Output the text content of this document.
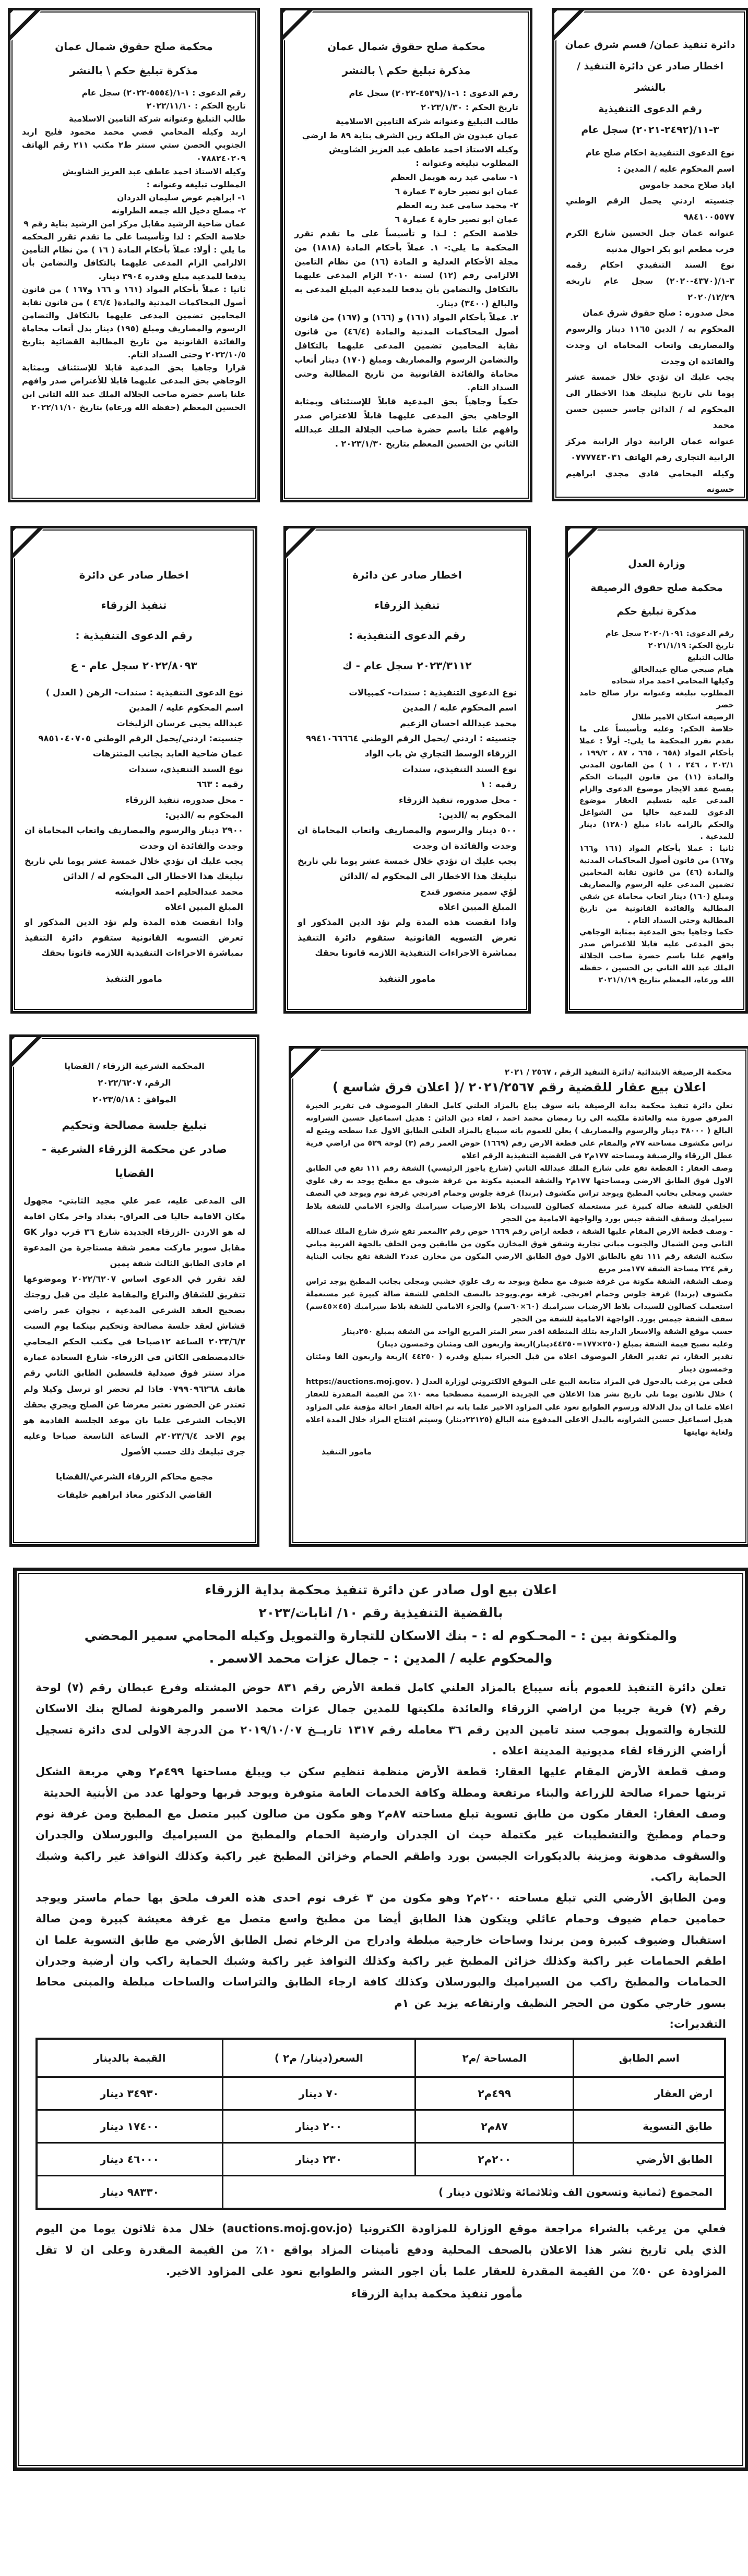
دائرة تنفيذ عمان/ قسم شرق عمان
اخطار صادر عن دائرة التنفيذ / بالنشر
رقم الدعوى التنفيذية ٣-١١/(٢٤٩٢-٢٠٢١) سجل عام
نوع الدعوى التنفيذية احكام صلح عام
اسم المحكوم عليه / المدين :
اياد صلاح محمد جاموس
جنسيته اردني يحمل الرقم الوطني ٩٨٤١٠٠٥٥٧٧
عنوانه عمان جبل الحسين شارع الكرم قرب مطعم ابو بكر احوال مدنية
نوع السند التنفيذي احكام رقمه ٣-١/(٤٣٧٠-٢٠٢٠) سجل عام تاريخه ٢٠٢٠/١٢/٢٩
محل صدوره : صلح حقوق شرق عمان
المحكوم به / الدين ١١٦٥ دينار والرسوم والمصاريف واتعاب المحاماة ان وجدت والفائدة ان وجدت
يجب عليك ان تؤدي خلال خمسة عشر يوما تلي تاريخ تبليغك هذا الاخطار الى المحكوم له / الدائن جاسر حسين حسن محمد
عنوانه عمان الرابية دوار الرابية مركز الرابية التجاري رقم الهاتف ٠٧٧٧٧٤٣٠٣١
وكيله المحامي فادي مجدي ابراهيم حسونه
محكمة صلح حقوق شمال عمان
مذكرة تبليغ حكم \ بالنشر
رقم الدعوى : ١-١/(٤٥٣٩-٢٠٢٢) سجل عام
تاريخ الحكم : ٢٠٢٣/١/٣٠
طالب التبليغ وعنوانه شركة التامين الاسلامية
عمان عبدون ش الملكة زين الشرف بناية ٨٩ ط ارضي
وكيله الاستاذ احمد عاطف عبد العزيز الشاويش
المطلوب تبليغه وعنوانه :
١- سامي عبد ربه هويمل العظم
عمان ابو نصير حارة ٣ عمارة ٦
٢- محمد سامي عبد ربه العظم
عمان ابو نصير حارة ٤ عمارة ٦
خلاصة الحكم : لـذا و تأسيساً على ما تقدم تقرر المحكمة ما يلي:- ١. عملاً بأحكام المادة (١٨١٨) من مجلة الأحكام العدلية و المادة (١٦) من نظام التامين الالزامي رقم (١٢) لسنة ٢٠١٠ الزام المدعى عليهما بالتكافل والتضامن بأن يدفعا للمدعية المبلغ المدعى به والبالغ (٣٤٠٠) دينار.
٢. عملاً بأحكام المواد (١٦١) و (١٦٦) و (١٦٧) من قانون أصول المحاكمات المدنية والمادة (٤٦/٤) من قانون نقابة المحامين تضمين المدعى عليهما بالتكافل والتضامن الرسوم والمصاريف ومبلغ (١٧٠) دينار أتعاب محاماة والفائدة القانونية من تاريخ المطالبة وحتى السداد التام.
حكماً وجاهياً بحق المدعية قابلاً للإستئناف وبمثابة الوجاهي بحق المدعى عليهما قابلاً للاعتراض صدر وافهم علنا باسم حضرة صاحب الجلالة الملك عبدالله الثاني بن الحسين المعظم بتاريخ ٢٠٢٣/١/٣٠ .
محكمة صلح حقوق شمال عمان
مذكرة تبليغ حكم \ بالنشر
رقم الدعوى : ١-١/(٥٥٥٤-٢٠٢٢) سجل عام
تاريخ الحكم : ٢٠٢٢/١١/١٠
طالب التبليغ وعنوانه شركة التامين الاسلامية
اربد وكيله المحامي قصي محمد محمود فليح اربد الجنوبي الحصن ستي سنتر ط٢ مكتب ٢١١ رقم الهاتف ٠٧٨٨٢٤٠٢٠٩
وكيله الاستاذ احمد عاطف عبد العزيز الشاويش
المطلوب تبليغه وعنوانه :
١- ابراهيم عوض سليمان الدردان
٢- مصلح دخيل الله جمعه الطراونه
عمان ضاحية الرشيد مقابل مركز امن الرشيد بناية رقم ٩
خلاصة الحكم : لذا وتأسيسا على ما تقدم تقرر المحكمه ما يلي : أولا: عملاً بأحكام المادة ( ١٦ ) من نظام التأمين الالزامي الزام المدعى عليهما بالتكافل والتضامن بأن يدفعا للمدعية مبلغ وقدره ٣٩٠٤ دينار.
ثانيا : عملاً بأحكام المواد (١٦١ و ١٦٦ و١٦٧ ) من قانون أصول المحاكمات المدنية والمادة( ٤٦/٤ ) من قانون نقابة المحامين تضمين المدعى عليهما بالتكافل والتضامن الرسوم والمصاريف ومبلغ (١٩٥) دينار بدل أتعاب محاماة والفائدة القانونية من تاريخ المطالبة القضائية بتاريخ ٢٠٢٢/١٠/٥ وحتى السداد التام.
قرارا وجاهيا بحق المدعية قابلا للإستئناف وبمثابة الوجاهي بحق المدعى عليهما قابلا للأعتراض صدر وافهم علنا باسم حضرة صاحب الجلالة الملك عبد الله الثاني ابن الحسين المعظم (حفظه الله ورعاه) بتاريخ ٢٠٢٢/١١/١٠
وزارة العدل
محكمة صلح حقوق الرصيفة
مذكرة تبليغ حكم
رقم الدعوى: ٢٠٢٠/١٠٩١ سجل عام
تاريخ الحكم: ٢٠٢١/١/١٩
طالب التبليغ
هيام صبحي صالح عبدالخالق
وكيلها المحامي احمد مراد شحاده
المطلوب تبليغه وعنوانه نزار صالح حامد خضر
الرصيفة اسكان الامير طلال
خلاصة الحكم: وعليه وتأسيساً على ما تقدم تقرر المحكمة ما يلي:- أولاً : عملا بأحكام المواد (٦٥٨ ، ٦٦٥ ، ٨٧ ، ١٩٩/٢ ، ٢٠٢/١ ، ٢٤٦ ، ١ ) من القانون المدني والمادة (١١) من قانون البينات الحكم بفسخ عقد الايجار موضوع الدعوى والزام المدعى عليه بتسليم العقار موضوع الدعوى للمدعية خاليا من الشواغل والحكم بالزامه باداء مبلغ (١٢٨٠) دينار للمدعية .
ثانيا : عملا بأحكام المواد (١٦١ و١٦٦ و١٦٧) من قانون أصول المحاكمات المدنية والمادة (٤٦) من قانون نقابة المحامين تضمين المدعى عليه الرسوم والمصاريف ومبلغ (١٦٠) دينار اتعاب محاماة عن شقي المطالبة والفائدة القانونية من تاريخ المطالبة وحتى السداد التام .
حكما وجاهيا بحق المدعية بمثابة الوجاهي بحق المدعى عليه قابلا للاعتراض صدر وافهم علنا باسم حضرة صاحب الجلالة الملك عبد الله الثاني بن الحسين ، حفظه الله ورعاه، المعظم بتاريخ ٢٠٢١/١/١٩
اخطار صادر عن دائرة
تنفيذ الزرقاء
رقم الدعوى التنفيذية :
٢٠٢٣/٣١١٢ سجل عام - ك
نوع الدعوى التنفيذية : سندات- كمبيالات
اسم المحكوم عليه / المدين
محمد عبدالله احسان الزعيم
جنسيته : اردني /يحمل الرقم الوطني ٩٩٤١٠٦٦٦٦٤
الزرقاء الوسط التجاري ش باب الواد
نوع السند التنفيذي، سندات
رقمه : ١
- محل صدوره، تنفيذ الزرقاء
المحكوم به /الدين:
٥٠٠ دينار والرسوم والمصاريف واتعاب المحاماة ان وجدت والفائدة ان وجدت
يجب عليك ان تؤدي خلال خمسة عشر يوما تلي تاريخ تبليغك هذا الاخطار الى المحكوم له /الدائن
لؤي سمير منصور قندح
المبلغ المبين اعلاه
واذا انقضت هذه المدة ولم تؤد الدين المذكور او تعرض التسويه القانونية ستقوم دائرة التنفيذ بمباشرة الاجراءات التنفيذية اللازمه قانونا بحقك
مامور التنفيذ
اخطار صادر عن دائرة
تنفيذ الزرقاء
رقم الدعوى التنفيذية :
٢٠٢٢/٨٠٩٣ سجل عام - ع
نوع الدعوى التنفيذية : سندات- الرهن ( العدل )
اسم المحكوم عليه / المدين
عبدالله يحيى عرسان الزليخات
جنسيته: اردني/يحمل الرقم الوطني ٩٨٥١٠٤٠٧٠٥
عمان ضاحية العابد بجانب المتنزهات
نوع السند التنفيذي، سندات
رقمه : ٦٦٣
- محل صدوره، تنفيذ الزرقاء
المحكوم به /الدين:
٢٩٠٠ دينار والرسوم والمصاريف واتعاب المحاماة ان وجدت والفائدة ان وجدت
يجب عليك ان تؤدي خلال خمسة عشر يوما تلي تاريخ تبليغك هذا الاخطار الى المحكوم له / الدائن
محمد عبدالحليم احمد العوايشه
المبلغ المبين اعلاه
واذا انقضت هذه المدة ولم تؤد الدين المذكور او تعرض التسويه القانونية ستقوم دائرة التنفيذ بمباشرة الاجراءات التنفيذية اللازمه قانونا بحقك
مامور التنفيذ
محكمة الرصيفة الابتدائية /دائرة التنفيذ الرقم ، ٢٥٦٧ / ٢٠٢١
اعلان بيع عقار للقضية رقم ٢٠٢١/٢٥٦٧ /( اعلان فرق شاسع )
تعلن دائرة تنفيذ محكمة بداية الرصيفة بانه سوف يباع بالمزاد العلني كامل العقار الموصوف في تقرير الخبرة المرفق صورة منه والعائدة ملكيته الى رنا رمضان محمد احمد ، لقاء دين الدائن : هديل اسماعيل حسين الشراونه البالغ ( ٣٨٠٠٠ دينار والرسوم والمصاريف ) يعلن للعموم بانه سيباع بالمزاد العلني الطابق الاول عدا سطحه ويتبع له تراس مكشوف مساحته ٧٧م والمقام على قطعة الارض رقم (١٦٦٩) حوض العمر رقم (٣) لوحة ٥٢٩ من اراضي قرية عطل الزرقاء والرصيفة ومساحته ١٧٧م٢ في القضية التنفيذية الرقم اعلاه
وصف العقار : القطعة تقع على شارع الملك عبدالله الثاني (شارع ياجوز الرئيسي) الشقة رقم ١١١ تقع في الطابق الاول فوق الطابق الارضي ومساحتها ١٧٧م٢ والشقة المعنية مكونة من غرفة ضيوف مع مطبخ يوجد به رف علوي خشبي ومجلى بجانب المطبخ ويوجد تراس مكشوف (برندا) غرفة جلوس وحمام افرنجي غرفة نوم ويوجد في النصف الخلفي للشقة صالة كبيرة غير مستعملة كصالون للسيدات بلاط الارضيات سيراميك والجزء الامامي للشقة بلاط سيراميك وسقف الشقة جبس بورد والواجهة الامامية من الحجر
- وصف قطعة الارض المقام عليها الشقة ، قطعة اراض رقم ١٦٦٩ حوض رقم ٢المعمر تقع شرق شارع الملك عبدالله الثاني ومن الشمال والجنوب مباني تجارية وشقق فوق المخازن مكون من طابقين ومن الخلف بالجهة الغربية مباني سكنية الشقة رقم ١١١ تقع بالطابق الاول فوق الطابق الارضي المكون من مخازن عدد٢ الشقة تقع بجانب البناية رقم ٢٢٤ مساحة الشقة ١٧٧متر مربع
وصف الشقة، الشقة مكونة من غرفة ضيوف مع مطبخ ويوجد به رف علوي خشبي ومجلى بجانب المطبخ يوجد تراس مكشوف (برندا) غرفة جلوس وحمام افرنجي. غرفة نوم.ويوجد بالنصف الخلفي للشقة صالة كبيرة غير مستعملة استعملت كصالون للسيدات بلاط الارضيات سيراميك (٦٠×٦٠سم) والجزء الامامي للشقة بلاط سيراميك (٤٥×٤٥سم) سقف الشقة جيمس بورد. الواجهة الامامية للشقة من الحجر
حسب موقع الشقة والاسعار الدارجة بتلك المنطقة اقدر سعر المتر المربع الواحد من الشقة بمبلغ ٢٥٠دينار
وعليه تصبح قيمة الشقة بمبلغ (٢٥٠×١٧٧=٤٤٢٥٠دينار)اربعة واربعون الف ومئتان وخمسون دينار)
تقدير العقار، تم تقدير العقار الموصوف اعلاه من قبل الخبراء بمبلغ وقدره ( ٤٤٢٥٠ )اربعة واربعون الفا ومئتان وخمسون دينار
فعلى من يرغب بالدخول في المزاد متابعة البيع على الموقع الالكتروني لوزارة العدل ( .https://auctions.moj.gov ) خلال ثلاثون يوما تلي تاريخ نشر هذا الاعلان في الجريدة الرسمية مصطحبا معه ١٠٪ من القيمة المقدرة للعقار اعلاه علما ان بدل الدلالة ورسوم الطوابع تعود على المزاود الاخير علما بانه تم احالة العقار احالة مؤقتة على المزاود هديل اسماعيل حسين الشراونه بالبدل الاعلى المدفوع منه البالغ (٢٢١٢٥دينار) وسيتم افتتاح المزاد خلال المدة اعلاه ولغاية نهايتها
مامور التنفيذ
المحكمة الشرعية الزرقاء / القضايا
الرقم، ٢٠٢٢/٦٢٠٧
الموافق : ٢٠٢٣/٥/١٨
تبليغ جلسة مصالحة وتحكيم
صادر عن محكمة الزرقاء الشرعية -
القضايا
الى المدعى عليه، عمر علي مجيد الثابتي- مجهول مكان الاقامة حاليا في العراق- بغداد واخر مكان اقامة له هو الاردن -الزرقاء الجديدة شارع ٣٦ قرب دوار GK مقابل سوبر ماركت معمر شقة مستاجرة من المدعوة ام فادي الطابق الثالث شقة يمين
لقد تقرر في الدعوى اساس ٢٠٢٢/٦٢٠٧ وموضوعها تتفريق للشقاق والنزاع والمقامة عليك من قبل زوجتك بصحيح العقد الشرعي المدعية ، نجوان عمر راضي قشاش لعقد جلسة مصالحة وتحكيم بينكما يوم السبت ٢٠٢٣/٦/٣ الساعة ١٢صباحا في مكتب الحكم المحامي خالدمصطفى الكائن في الزرقاء- شارع السعادة عمارة مراد سنتر فوق صيدلية فلسطين الطابق الثاني رقم هاتف ٠٧٩٩٠٩٦٢٦٨ فاذا لم تحضر او ترسل وكيلا ولم تعتذر عن الحضور تعتبر معرضا عن الصلح ويجري بحقك الايجاب الشرعي علما بان موعد الجلسة القادمة هو يوم الاحد ٢٠٢٣/٦/٤م الساعة التاسعة صباحا وعليه جرى تبليغك ذلك حسب الأصول
مجمع محاكم الزرقاء الشرعي/القضايا
القاضي الدكتور معاذ ابراهيم خليفات
اعلان بيع اول صادر عن دائرة تنفيذ محكمة بداية الزرقاء
بالقضية التنفيذية رقم ١٠/ انابات/٢٠٢٣
والمتكونة بين : - المحـكوم له : - بنك الاسكان للتجارة والتمويل وكيله المحامي سمير المحضي
والمحكوم عليه / المدين : - جمال عزات محمد الاسمر .
تعلن دائرة التنفيذ للعموم بأنه سيباع بالمزاد العلني كامل قطعة الأرض رقم ٨٣١ حوض المشتله وفرع عبطان رقم (٧) لوحة رقم (٧) قرية جريبا من اراضي الزرقاء والعائدة ملكيتها للمدين جمال عزات محمد الاسمر والمرهونة لصالح بنك الاسكان للتجارة والتمويل بموجب سند تامين الدين رقم ٣٦ معامله رقم ١٣١٧ تاريــخ ٢٠١٩/١٠/٠٧ من الدرجة الاولى لدى دائرة تسجيل أراضي الزرقاء لقاء مديونية المدينة اعلاه .
وصف قطعة الأرض المقام عليها العقار: قطعة الأرض منظمة تنظيم سكن ب ويبلغ مساحتها ٤٩٩م٢ وهي مربعة الشكل تربتها حمراء صالحة للزراعة والبناء مرتفعة ومطلة وكافة الخدمات العامة متوفرة ويوجد قربها وحولها عدد من الأبنية الحديثة
وصف العقار: العقار مكون من طابق تسوية تبلغ مساحته ٨٧م٢ وهو مكون من صالون كبير متصل مع المطبخ ومن غرفة نوم وحمام ومطبخ والتشطيبات غير مكتملة حيث ان الجدران وارضية الحمام والمطبخ من السيراميك والبورسلان والجدران والسقوف مدهونة ومزينة بالديكورات الجبسن بورد واطقم الحمام وخزائن المطبخ غير راكبة وكذلك النوافذ غير راكبة وشبك الحماية راكب.
ومن الطابق الأرضي التي تبلغ مساحته ٢٠٠م٢ وهو مكون من ٣ غرف نوم احدى هذه الغرف ملحق بها حمام ماستر ويوجد حمامين حمام ضيوف وحمام عائلي ويتكون هذا الطابق أيضا من مطبخ واسع متصل مع غرفة معيشة كبيرة ومن صالة استقبال وضيوف كبيرة ومن برندا وساحات خارجية مبلطة وادراج من الرخام تصل الطابق الأرضي مع طابق التسوية علما ان اطقم الحمامات غير راكبة وكذلك خزائن المطبخ غير راكبة وكذلك النوافذ غير راكبة وشبك الحماية راكب وان أرضية وجدران الحمامات والمطبخ راكب من السيراميك والبورسلان وكذلك كافة ارجاء الطابق والتراسات والساحات مبلطة والمبنى محاط بسور خارجي مكون من الحجر النظيف وارتفاعه يزيد عن ١م
التقديرات:
اسم الطابق	المساحة /م٢	السعر(دينار/ م٢ )	القيمة بالدينار
ارض العقار	٤٩٩م٢	٧٠ دينار	٣٤٩٣٠ دينار
طابق التسوية	٨٧م٢	٢٠٠ دينار	١٧٤٠٠ دينار
الطابق الأرضي	٢٠٠م٢	٢٣٠ دينار	٤٦٠٠٠ دينار
المجموع (ثمانية وتسعون الف وثلاثمائة وثلاثون دينار )			٩٨٣٣٠ دينار
فعلي من يرغب بالشراء مراجعة موقع الوزارة للمزاودة الكترونيا (auctions.moj.gov.jo) خلال مدة ثلاثون يوما من اليوم الذي يلي تاريخ نشر هذا الاعلان بالصحف المحلية ودفع تأمينات المزاد بواقع ١٠٪ من القيمة المقدرة وعلى ان لا تقل المزاودة عن ٥٠٪ من القيمة المقدرة للعقار علما بأن اجور النشر والطوابع تعود على المزاود الاخير.
مأمور تنفيذ محكمة بداية الزرقاء
